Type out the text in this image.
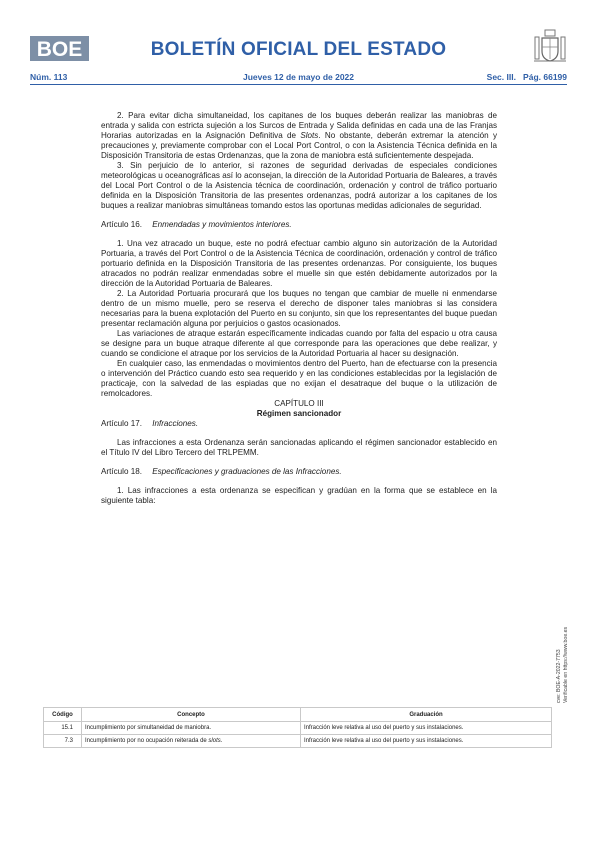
BOE	BOLETÍN OFICIAL DEL ESTADO
Núm. 113	Jueves 12 de mayo de 2022	Sec. III. Pág. 66199

2. Para evitar dicha simultaneidad, los capitanes de los buques deberán realizar las maniobras de entrada y salida con estricta sujeción a los Surcos de Entrada y Salida definidas en cada una de las Franjas Horarias autorizadas en la Asignación Definitiva de Slots. No obstante, deberán extremar la atención y precauciones y, previamente comprobar con el Local Port Control, o con la Asistencia Técnica definida en la Disposición Transitoria de estas Ordenanzas, que la zona de maniobra está suficientemente despejada.

3. Sin perjuicio de lo anterior, si razones de seguridad derivadas de especiales condiciones meteorológicas u oceanográficas así lo aconsejan, la dirección de la Autoridad Portuaria de Baleares, a través del Local Port Control o de la Asistencia técnica de coordinación, ordenación y control de tráfico portuario definida en la Disposición Transitoria de las presentes ordenanzas, podrá autorizar a los capitanes de los buques a realizar maniobras simultáneas tomando estos las oportunas medidas adicionales de seguridad.

Artículo 16. Enmendadas y movimientos interiores.

1. Una vez atracado un buque, este no podrá efectuar cambio alguno sin autorización de la Autoridad Portuaria, a través del Port Control o de la Asistencia Técnica de coordinación, ordenación y control de tráfico portuario definida en la Disposición Transitoria de las presentes ordenanzas. Por consiguiente, los buques atracados no podrán realizar enmendadas sobre el muelle sin que estén debidamente autorizados por la dirección de la Autoridad Portuaria de Baleares.

2. La Autoridad Portuaria procurará que los buques no tengan que cambiar de muelle ni enmendarse dentro de un mismo muelle, pero se reserva el derecho de disponer tales maniobras si las considera necesarias para la buena explotación del Puerto en su conjunto, sin que los representantes del buque puedan presentar reclamación alguna por perjuicios o gastos ocasionados.

Las variaciones de atraque estarán específicamente indicadas cuando por falta del espacio u otra causa se designe para un buque atraque diferente al que corresponde para las operaciones que debe realizar, y cuando se condicione el atraque por los servicios de la Autoridad Portuaria al hacer su designación.

En cualquier caso, las enmendadas o movimientos dentro del Puerto, han de efectuarse con la presencia o intervención del Práctico cuando esto sea requerido y en las condiciones establecidas por la legislación de practicaje, con la salvedad de las espiadas que no exijan el desatraque del buque o la utilización de remolcadores.

CAPÍTULO III

Régimen sancionador

Artículo 17. Infracciones.

Las infracciones a esta Ordenanza serán sancionadas aplicando el régimen sancionador establecido en el Título IV del Libro Tercero del TRLPEMM.

Artículo 18. Especificaciones y graduaciones de las Infracciones.

1. Las infracciones a esta ordenanza se especifican y gradúan en la forma que se establece en la siguiente tabla:

Código	Concepto	Graduación
15.1	Incumplimiento por simultaneidad de maniobra.	Infracción leve relativa al uso del puerto y sus instalaciones.
7.3	Incumplimiento por no ocupación reiterada de slots.	Infracción leve relativa al uso del puerto y sus instalaciones.
cve: BOE-A-2022-7753 Verificable en https://www.boe.es
